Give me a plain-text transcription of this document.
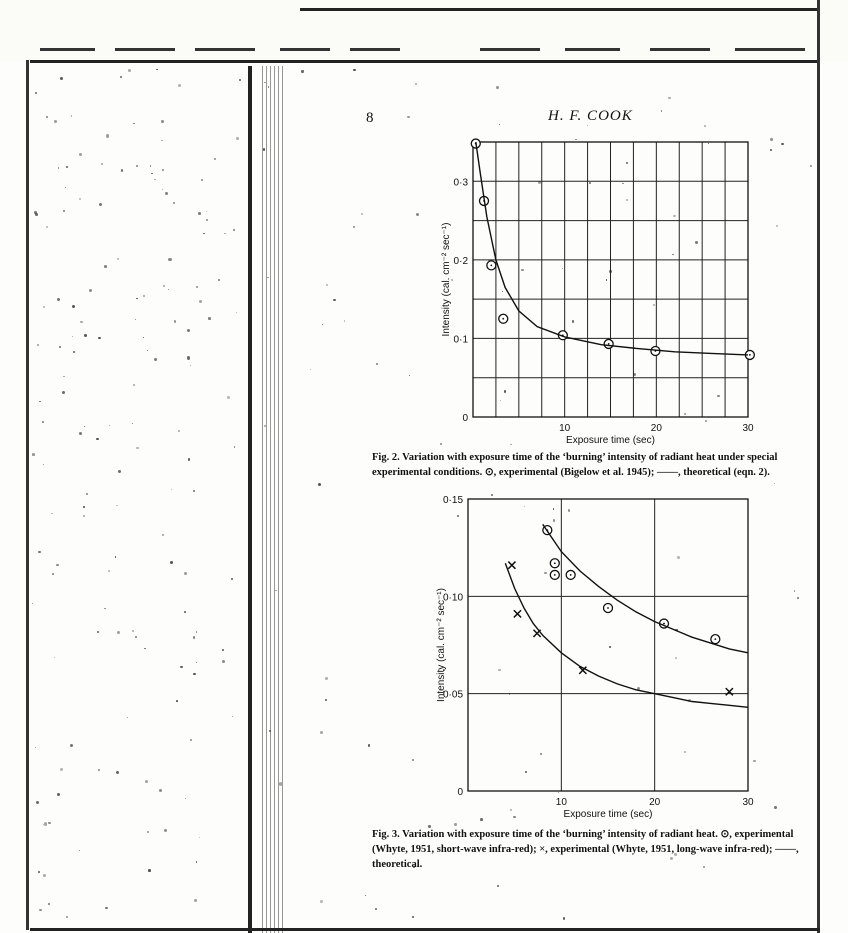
8	H. F. COOK
0
0·1
0·2
0·3
10	20	30
Exposure time (sec)
Intensity (cal. cm⁻² sec⁻¹)
Fig. 2. Variation with exposure time of the ‘burning’ intensity of radiant heat under special experimental conditions. ⊙, experimental (Bigelow et al. 1945); ——, theoretical (eqn. 2).
0
0·05
0·10
0·15
10	20	30
Exposure time (sec)
Intensity (cal. cm⁻² sec⁻¹)
Fig. 3. Variation with exposure time of the ‘burning’ intensity of radiant heat. ⊙, experimental (Whyte, 1951, short-wave infra-red); ×, experimental (Whyte, 1951, long-wave infra-red); ——, theoretical.
